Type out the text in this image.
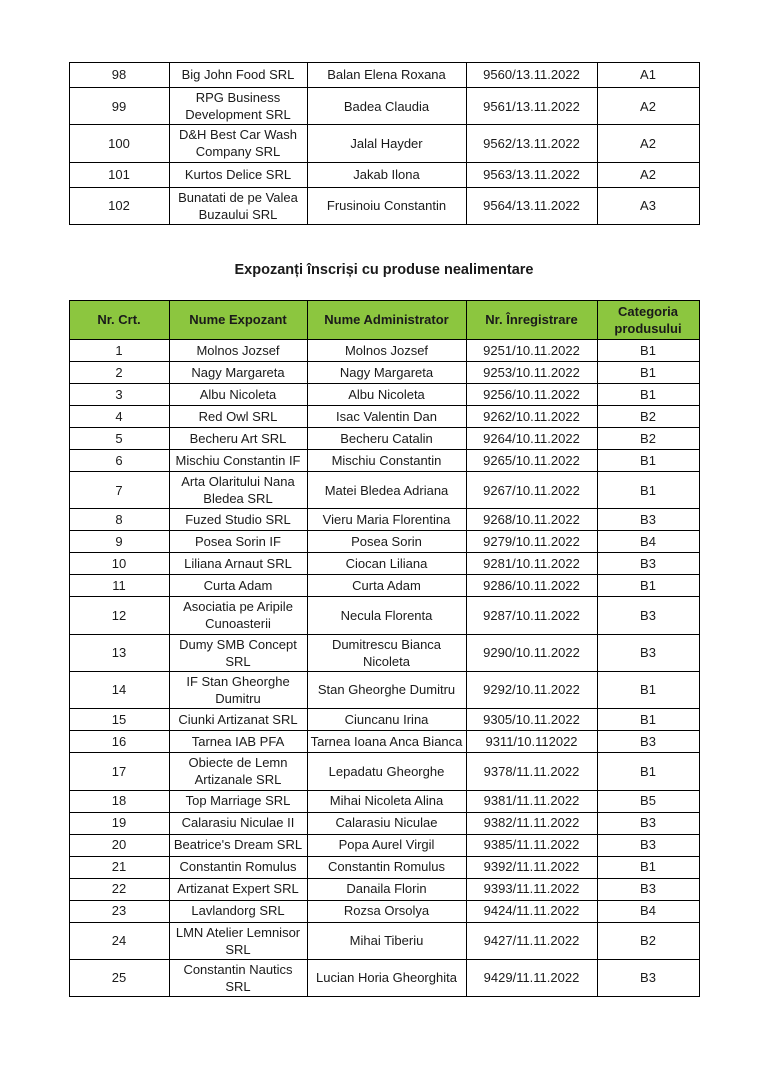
98	Big John Food SRL	Balan Elena Roxana	9560/13.11.2022	A1
99	RPG Business Development SRL	Badea Claudia	9561/13.11.2022	A2
100	D&H Best Car Wash Company SRL	Jalal Hayder	9562/13.11.2022	A2
101	Kurtos Delice SRL	Jakab Ilona	9563/13.11.2022	A2
102	Bunatati de pe Valea Buzaului SRL	Frusinoiu Constantin	9564/13.11.2022	A3
Expozanți înscriși cu produse nealimentare
Nr. Crt.	Nume Expozant	Nume Administrator	Nr. Înregistrare	Categoria produsului
1	Molnos Jozsef	Molnos Jozsef	9251/10.11.2022	B1
2	Nagy Margareta	Nagy Margareta	9253/10.11.2022	B1
3	Albu Nicoleta	Albu Nicoleta	9256/10.11.2022	B1
4	Red Owl SRL	Isac Valentin Dan	9262/10.11.2022	B2
5	Becheru Art SRL	Becheru Catalin	9264/10.11.2022	B2
6	Mischiu Constantin IF	Mischiu Constantin	9265/10.11.2022	B1
7	Arta Olaritului Nana Bledea SRL	Matei Bledea Adriana	9267/10.11.2022	B1
8	Fuzed Studio SRL	Vieru Maria Florentina	9268/10.11.2022	B3
9	Posea Sorin IF	Posea Sorin	9279/10.11.2022	B4
10	Liliana Arnaut SRL	Ciocan Liliana	9281/10.11.2022	B3
11	Curta Adam	Curta Adam	9286/10.11.2022	B1
12	Asociatia pe Aripile Cunoasterii	Necula Florenta	9287/10.11.2022	B3
13	Dumy SMB Concept SRL	Dumitrescu Bianca Nicoleta	9290/10.11.2022	B3
14	IF Stan Gheorghe Dumitru	Stan Gheorghe Dumitru	9292/10.11.2022	B1
15	Ciunki Artizanat SRL	Ciuncanu Irina	9305/10.11.2022	B1
16	Tarnea IAB PFA	Tarnea Ioana Anca Bianca	9311/10.112022	B3
17	Obiecte de Lemn Artizanale SRL	Lepadatu Gheorghe	9378/11.11.2022	B1
18	Top Marriage SRL	Mihai Nicoleta Alina	9381/11.11.2022	B5
19	Calarasiu Niculae II	Calarasiu Niculae	9382/11.11.2022	B3
20	Beatrice's Dream SRL	Popa Aurel Virgil	9385/11.11.2022	B3
21	Constantin Romulus	Constantin Romulus	9392/11.11.2022	B1
22	Artizanat Expert SRL	Danaila Florin	9393/11.11.2022	B3
23	Lavlandorg SRL	Rozsa Orsolya	9424/11.11.2022	B4
24	LMN Atelier Lemnisor SRL	Mihai Tiberiu	9427/11.11.2022	B2
25	Constantin Nautics SRL	Lucian Horia Gheorghita	9429/11.11.2022	B3
